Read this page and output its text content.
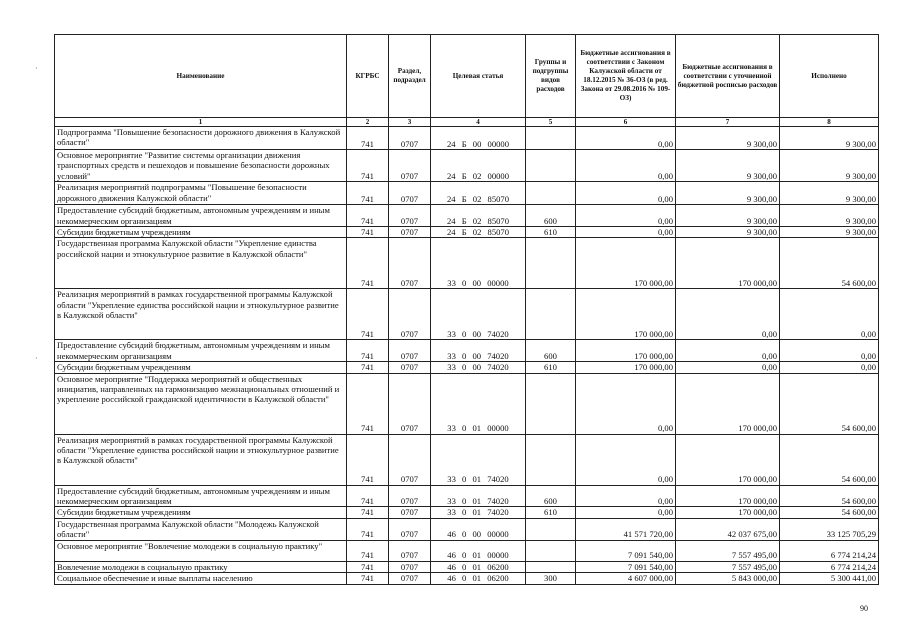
Наименование	КГРБС	Раздел, подраздел	Целевая статья	Группы и подгруппы видов расходов	Бюджетные ассигнования в соответствии с Законом Калужской области от 18.12.2015 № 36-ОЗ (в ред. Закона от 29.08.2016 № 109-ОЗ)	Бюджетные ассигнования в соответствии с уточненной бюджетной росписью расходов	Исполнено
1	2	3	4	5	6	7	8
Подпрограмма "Повышение безопасности дорожного движения в Калужской области"	741	0707	24 Б 00 00000		0,00	9 300,00	9 300,00
Основное мероприятие "Развитие системы организации движения транспортных средств и пешеходов и повышение безопасности дорожных условий"	741	0707	24 Б 02 00000		0,00	9 300,00	9 300,00
Реализация мероприятий подпрограммы "Повышение безопасности дорожного движения Калужской области"	741	0707	24 Б 02 85070		0,00	9 300,00	9 300,00
Предоставление субсидий бюджетным, автономным учреждениям и иным некоммерческим организациям	741	0707	24 Б 02 85070	600	0,00	9 300,00	9 300,00
Субсидии бюджетным учреждениям	741	0707	24 Б 02 85070	610	0,00	9 300,00	9 300,00
Государственная программа Калужской области "Укрепление единства российской нации и этнокультурное развитие в Калужской области"	741	0707	33 0 00 00000		170 000,00	170 000,00	54 600,00
Реализация мероприятий в рамках государственной программы Калужской области "Укрепление единства российской нации и этнокультурное развитие в Калужской области"	741	0707	33 0 00 74020		170 000,00	0,00	0,00
Предоставление субсидий бюджетным, автономным учреждениям и иным некоммерческим организациям	741	0707	33 0 00 74020	600	170 000,00	0,00	0,00
Субсидии бюджетным учреждениям	741	0707	33 0 00 74020	610	170 000,00	0,00	0,00
Основное мероприятие "Поддержка мероприятий и общественных инициатив, направленных на гармонизацию межнациональных отношений и укрепление российской гражданской идентичности в Калужской области"	741	0707	33 0 01 00000		0,00	170 000,00	54 600,00
Реализация мероприятий в рамках государственной программы Калужской области "Укрепление единства российской нации и этнокультурное развитие в Калужской области"	741	0707	33 0 01 74020		0,00	170 000,00	54 600,00
Предоставление субсидий бюджетным, автономным учреждениям и иным некоммерческим организациям	741	0707	33 0 01 74020	600	0,00	170 000,00	54 600,00
Субсидии бюджетным учреждениям	741	0707	33 0 01 74020	610	0,00	170 000,00	54 600,00
Государственная программа Калужской области "Молодежь Калужской области"	741	0707	46 0 00 00000		41 571 720,00	42 037 675,00	33 125 705,29
Основное мероприятие "Вовлечение молодежи в социальную практику"	741	0707	46 0 01 00000		7 091 540,00	7 557 495,00	6 774 214,24
Вовлечение молодежи в социальную практику	741	0707	46 0 01 06200		7 091 540,00	7 557 495,00	6 774 214,24
Социальное обеспечение и иные выплаты населению	741	0707	46 0 01 06200	300	4 607 000,00	5 843 000,00	5 300 441,00
·
·
90
